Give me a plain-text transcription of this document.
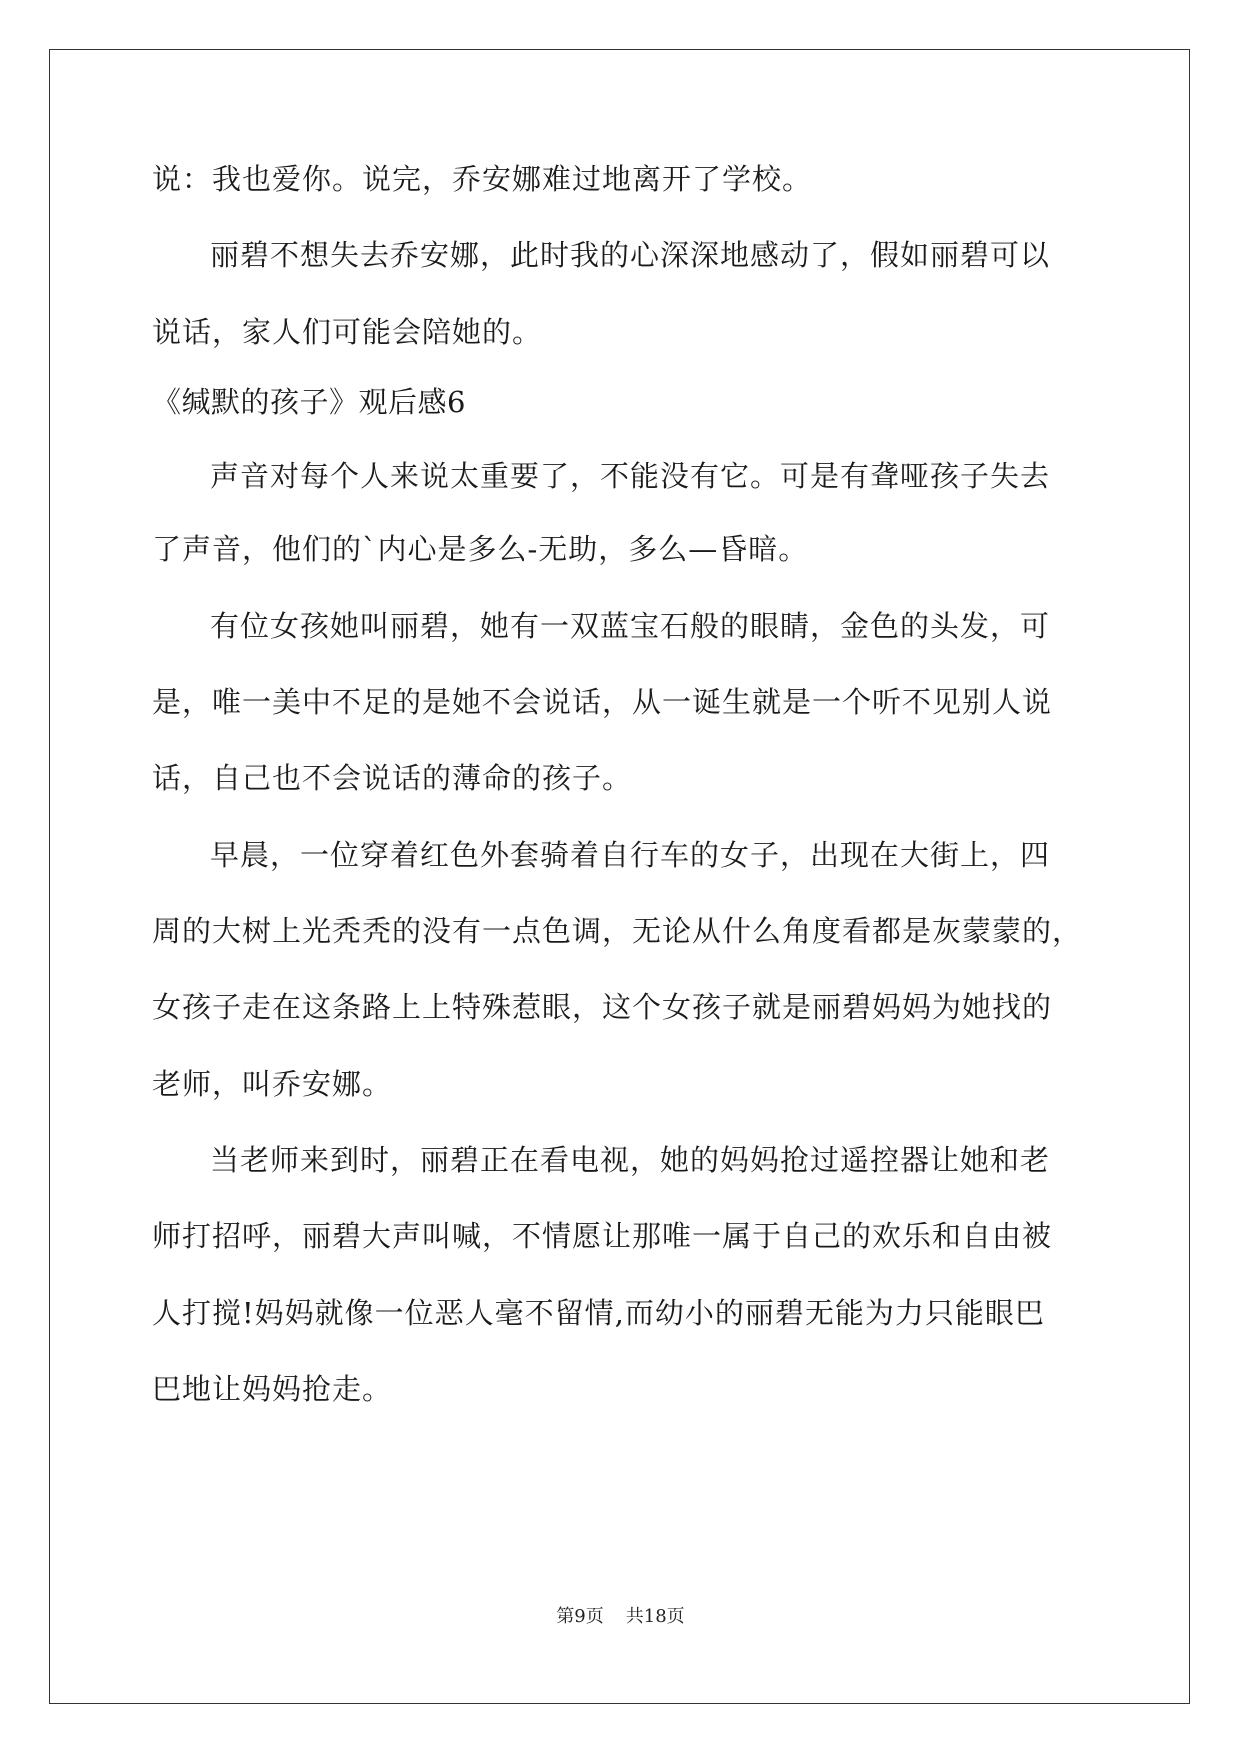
说：我也爱你。说完，乔安娜难过地离开了学校。

丽碧不想失去乔安娜，此时我的心深深地感动了，假如丽碧可以

说话，家人们可能会陪她的。

《缄默的孩子》观后感6

声音对每个人来说太重要了，不能没有它。可是有聋哑孩子失去

了声音，他们的`内心是多么-无助，多么—昏暗。

有位女孩她叫丽碧，她有一双蓝宝石般的眼睛，金色的头发，可

是，唯一美中不足的是她不会说话，从一诞生就是一个听不见别人说

话，自己也不会说话的薄命的孩子。

早晨，一位穿着红色外套骑着自行车的女子，出现在大街上，四

周的大树上光秃秃的没有一点色调，无论从什么角度看都是灰蒙蒙的，

女孩子走在这条路上上特殊惹眼，这个女孩子就是丽碧妈妈为她找的

老师，叫乔安娜。

当老师来到时，丽碧正在看电视，她的妈妈抢过遥控器让她和老

师打招呼，丽碧大声叫喊，不情愿让那唯一属于自己的欢乐和自由被

人打搅!妈妈就像一位恶人毫不留情,而幼小的丽碧无能为力只能眼巴

巴地让妈妈抢走。

第9页 共18页
